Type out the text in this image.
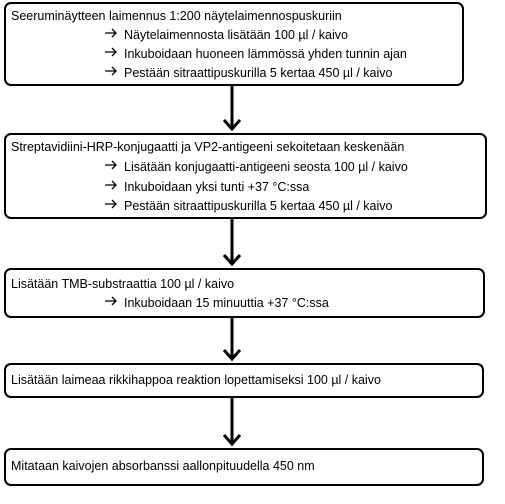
Seeruminäytteen laimennus 1:200 näytelaimennospuskuriin
Näytelaimennosta lisätään 100 µl / kaivo
Inkuboidaan huoneen lämmössä yhden tunnin ajan
Pestään sitraattipuskurilla 5 kertaa 450 µl / kaivo
Streptavidiini-HRP-konjugaatti ja VP2-antigeeni sekoitetaan keskenään
Lisätään konjugaatti-antigeeni seosta 100 µl / kaivo
Inkuboidaan yksi tunti +37 °C:ssa
Pestään sitraattipuskurilla 5 kertaa 450 µl / kaivo
Lisätään TMB-substraattia 100 µl / kaivo
Inkuboidaan 15 minuuttia +37 °C:ssa
Lisätään laimeaa rikkihappoa reaktion lopettamiseksi 100 µl / kaivo
Mitataan kaivojen absorbanssi aallonpituudella 450 nm
